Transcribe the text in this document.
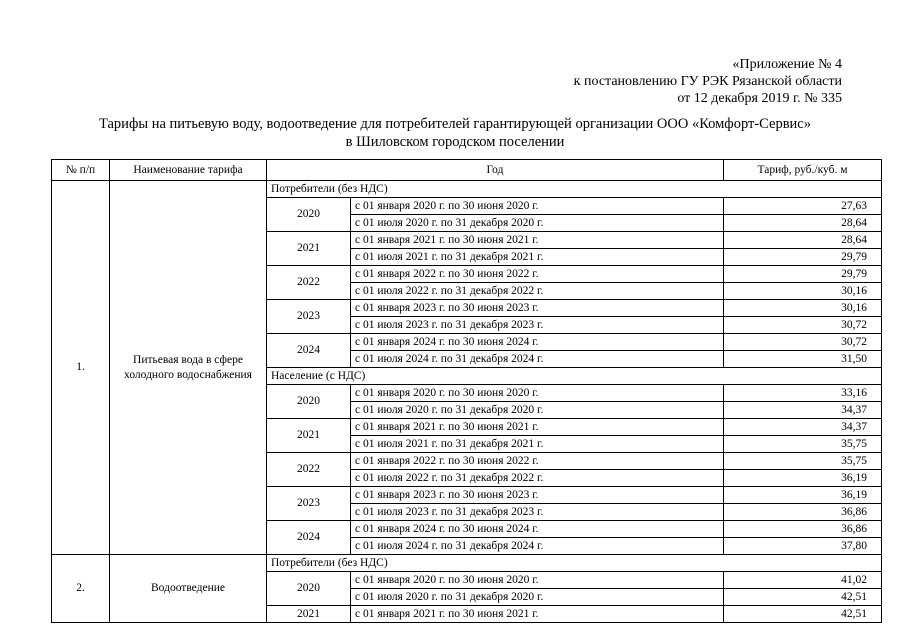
«Приложение № 4
к постановлению ГУ РЭК Рязанской области
от 12 декабря 2019 г. № 335
Тарифы на питьевую воду, водоотведение для потребителей гарантирующей организации ООО «Комфорт-Сервис»
в Шиловском городском поселении
№ п/п	Наименование тарифа	Год		Тариф, руб./куб. м
1.	Питьевая вода в сфере холодного водоснабжения	Потребители (без НДС)		
		2020	с 01 января 2020 г. по 30 июня 2020 г.	27,63
			с 01 июля 2020 г. по 31 декабря 2020 г.	28,64
		2021	с 01 января 2021 г. по 30 июня 2021 г.	28,64
			с 01 июля 2021 г. по 31 декабря 2021 г.	29,79
		2022	с 01 января 2022 г. по 30 июня 2022 г.	29,79
			с 01 июля 2022 г. по 31 декабря 2022 г.	30,16
		2023	с 01 января 2023 г. по 30 июня 2023 г.	30,16
			с 01 июля 2023 г. по 31 декабря 2023 г.	30,72
		2024	с 01 января 2024 г. по 30 июня 2024 г.	30,72
			с 01 июля 2024 г. по 31 декабря 2024 г.	31,50
		Население (с НДС)		
		2020	с 01 января 2020 г. по 30 июня 2020 г.	33,16
			с 01 июля 2020 г. по 31 декабря 2020 г.	34,37
		2021	с 01 января 2021 г. по 30 июня 2021 г.	34,37
			с 01 июля 2021 г. по 31 декабря 2021 г.	35,75
		2022	с 01 января 2022 г. по 30 июня 2022 г.	35,75
			с 01 июля 2022 г. по 31 декабря 2022 г.	36,19
		2023	с 01 января 2023 г. по 30 июня 2023 г.	36,19
			с 01 июля 2023 г. по 31 декабря 2023 г.	36,86
		2024	с 01 января 2024 г. по 30 июня 2024 г.	36,86
			с 01 июля 2024 г. по 31 декабря 2024 г.	37,80
2.	Водоотведение	Потребители (без НДС)		
		2020	с 01 января 2020 г. по 30 июня 2020 г.	41,02
			с 01 июля 2020 г. по 31 декабря 2020 г.	42,51
		2021	с 01 января 2021 г. по 30 июня 2021 г.	42,51
